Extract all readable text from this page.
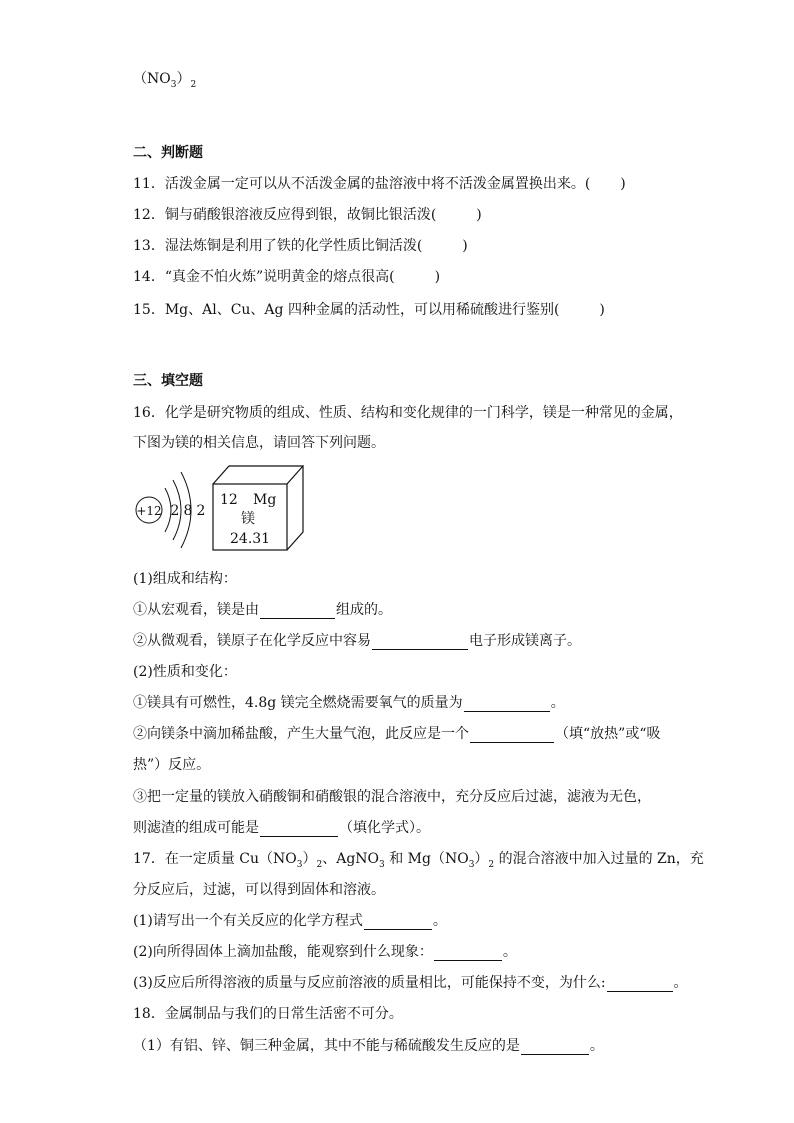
$(NO_3)_2$
二、判断题
11．活泼金属一定可以从不活泼金属的盐溶液中将不活泼金属置换出来。( )
12．铜与硝酸银溶液反应得到银，故铜比银活泼(	)
13．湿法炼铜是利用了铁的化学性质比铜活泼(	)
14．“真金不怕火炼”说明黄金的熔点很高(	)
15．Mg、Al、Cu、Ag 四种金属的活动性，可以用稀硫酸进行鉴别(	)
三、填空题
16．化学是研究物质的组成、性质、结构和变化规律的一门科学，镁是一种常见的金属，
下图为镁的相关信息，请回答下列问题。
+12 2 8 2
12 Mg
镁
24.31
(1)组成和结构：
①从宏观看，镁是由	组成的。
②从微观看，镁原子在化学反应中容易	电子形成镁离子。
(2)性质和变化：
①镁具有可燃性，4.8g 镁完全燃烧需要氧气的质量为	。
②向镁条中滴加稀盐酸，产生大量气泡，此反应是一个	（填“放热”或“吸
热”）反应。
③把一定量的镁放入硝酸铜和硝酸银的混合溶液中，充分反应后过滤，滤液为无色，
则滤渣的组成可能是	（填化学式）。
17．在一定质量 $Cu(NO_3)_2$、AgNO$_3$ 和 $Mg(NO_3)_2$ 的混合溶液中加入过量的 Zn，充
分反应后，过滤，可以得到固体和溶液。
(1)请写出一个有关反应的化学方程式	。
(2)向所得固体上滴加盐酸，能观察到什么现象：	。
(3)反应后所得溶液的质量与反应前溶液的质量相比，可能保持不变，为什么:	。
18．金属制品与我们的日常生活密不可分。
（1）有铝、锌、铜三种金属，其中不能与稀硫酸发生反应的是	。
